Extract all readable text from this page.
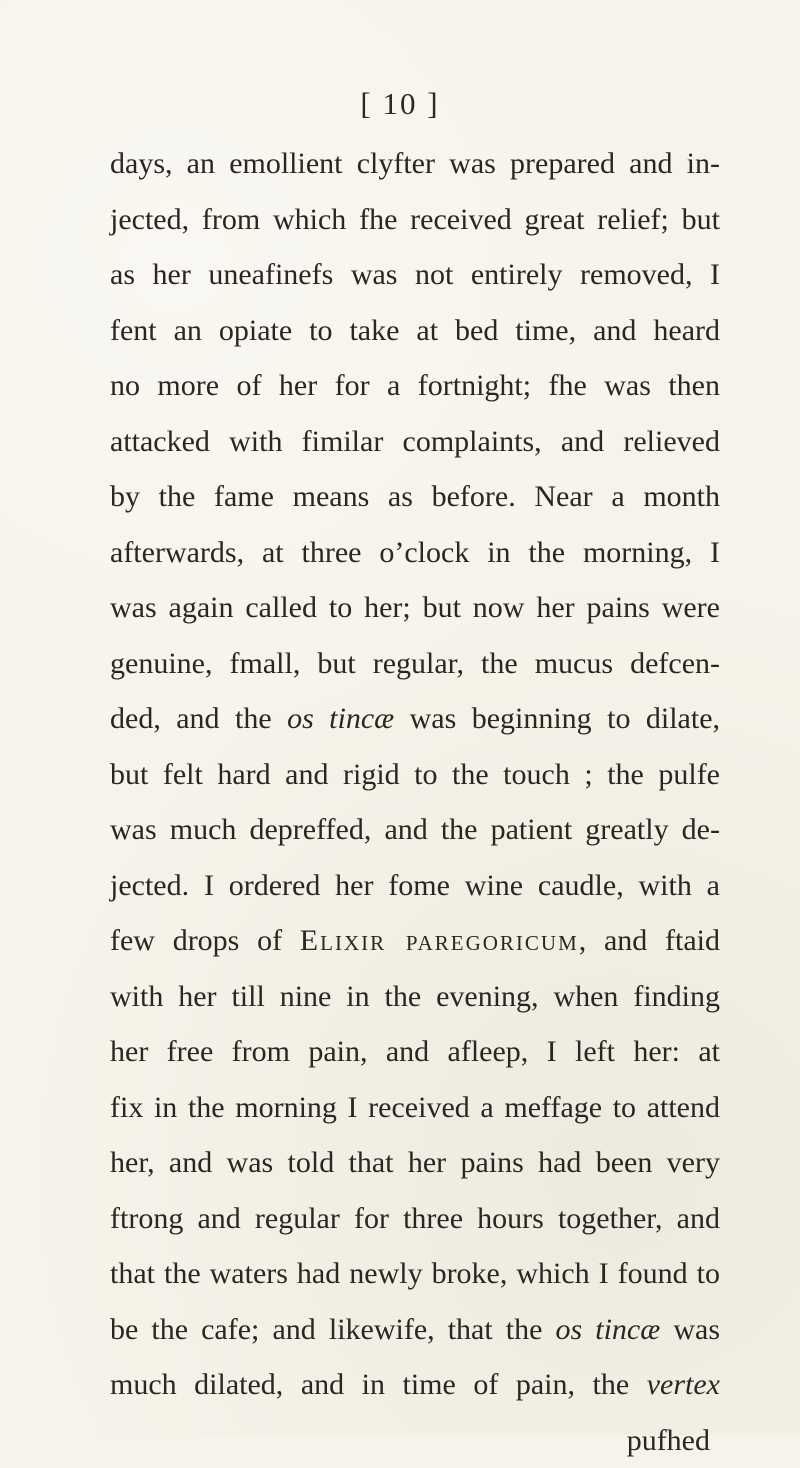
[ 10 ]
days, an emollient clyfter was prepared and in-
jected, from which fhe received great relief; but
as her uneafinefs was not entirely removed, I
fent an opiate to take at bed time, and heard
no more of her for a fortnight; fhe was then
attacked with fimilar complaints, and relieved
by the fame means as before. Near a month
afterwards, at three o’clock in the morning, I
was again called to her; but now her pains were
genuine, fmall, but regular, the mucus defcen-
ded, and the os tincæ was beginning to dilate,
but felt hard and rigid to the touch ; the pulfe
was much depreffed, and the patient greatly de-
jected. I ordered her fome wine caudle, with a
few drops of Elixir paregoricum, and ftaid
with her till nine in the evening, when finding
her free from pain, and afleep, I left her: at
fix in the morning I received a meffage to attend
her, and was told that her pains had been very
ftrong and regular for three hours together, and
that the waters had newly broke, which I found to
be the cafe; and likewife, that the os tincæ was
much dilated, and in time of pain, the vertex
pufhed
